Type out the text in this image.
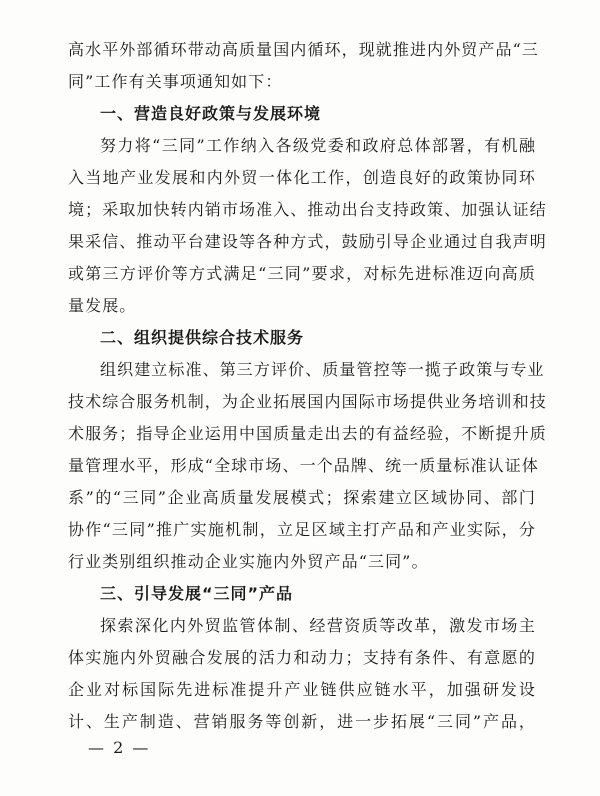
高水平外部循环带动高质量国内循环，现就推进内外贸产品“三
同”工作有关事项通知如下：
一、营造良好政策与发展环境
努力将“三同”工作纳入各级党委和政府总体部署，有机融
入当地产业发展和内外贸一体化工作，创造良好的政策协同环
境；采取加快转内销市场准入、推动出台支持政策、加强认证结
果采信、推动平台建设等各种方式，鼓励引导企业通过自我声明
或第三方评价等方式满足“三同”要求，对标先进标准迈向高质
量发展。
二、组织提供综合技术服务
组织建立标准、第三方评价、质量管控等一揽子政策与专业
技术综合服务机制，为企业拓展国内国际市场提供业务培训和技
术服务；指导企业运用中国质量走出去的有益经验，不断提升质
量管理水平，形成“全球市场、一个品牌、统一质量标准认证体
系”的“三同”企业高质量发展模式；探索建立区域协同、部门
协作“三同”推广实施机制，立足区域主打产品和产业实际，分
行业类别组织推动企业实施内外贸产品“三同”。
三、引导发展“三同”产品
探索深化内外贸监管体制、经营资质等改革，激发市场主
体实施内外贸融合发展的活力和动力；支持有条件、有意愿的
企业对标国际先进标准提升产业链供应链水平，加强研发设
计、生产制造、营销服务等创新，进一步拓展“三同”产品，
— 2 —
